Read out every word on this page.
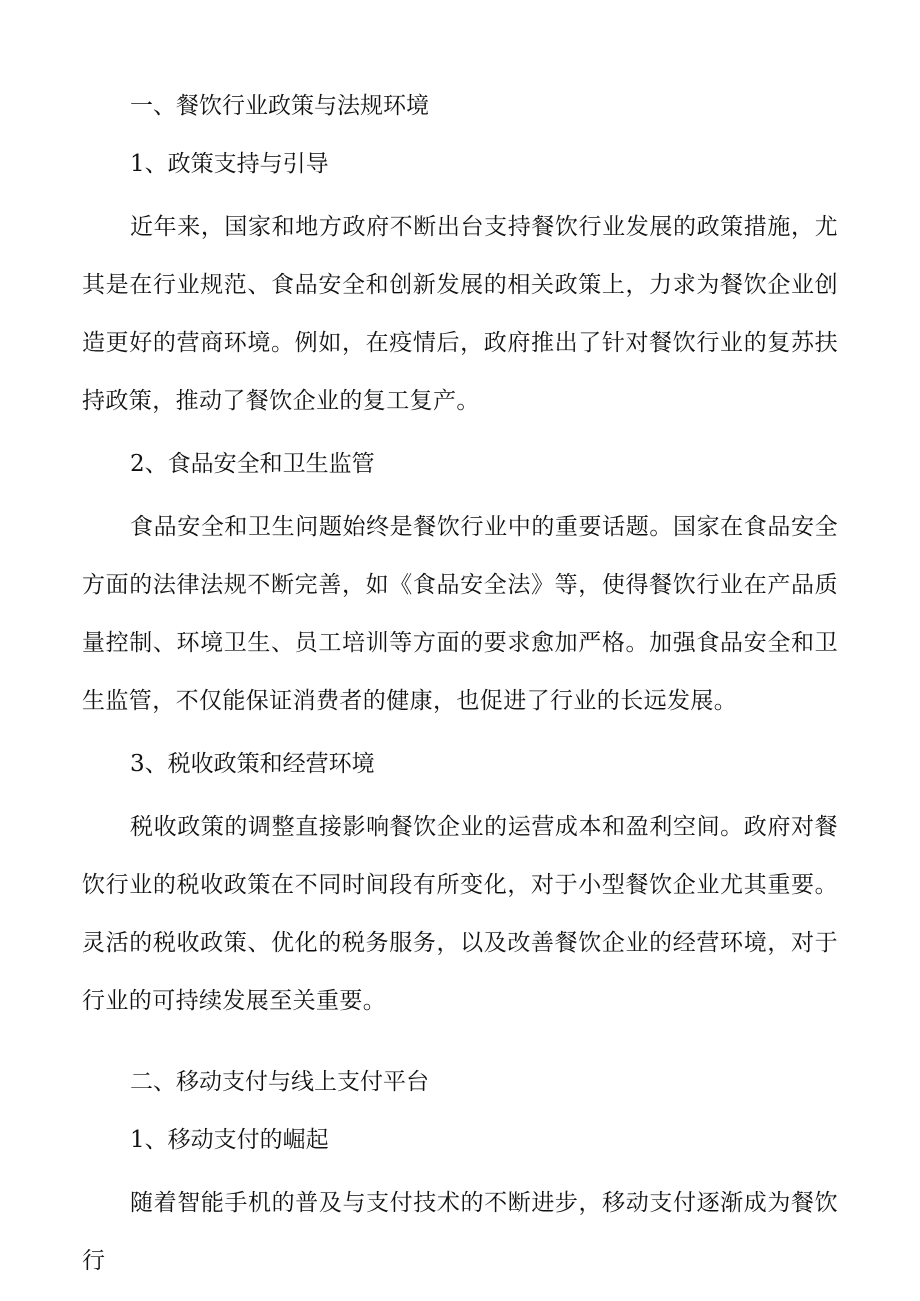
一、餐饮行业政策与法规环境
1、政策支持与引导

近年来，国家和地方政府不断出台支持餐饮行业发展的政策措施，尤其是在行业规范、食品安全和创新发展的相关政策上，力求为餐饮企业创造更好的营商环境。例如，在疫情后，政府推出了针对餐饮行业的复苏扶持政策，推动了餐饮企业的复工复产。

2、食品安全和卫生监管

食品安全和卫生问题始终是餐饮行业中的重要话题。国家在食品安全方面的法律法规不断完善，如《食品安全法》等，使得餐饮行业在产品质量控制、环境卫生、员工培训等方面的要求愈加严格。加强食品安全和卫生监管，不仅能保证消费者的健康，也促进了行业的长远发展。

3、税收政策和经营环境

税收政策的调整直接影响餐饮企业的运营成本和盈利空间。政府对餐饮行业的税收政策在不同时间段有所变化，对于小型餐饮企业尤其重要。灵活的税收政策、优化的税务服务，以及改善餐饮企业的经营环境，对于行业的可持续发展至关重要。

二、移动支付与线上支付平台
1、移动支付的崛起

随着智能手机的普及与支付技术的不断进步，移动支付逐渐成为餐饮行
